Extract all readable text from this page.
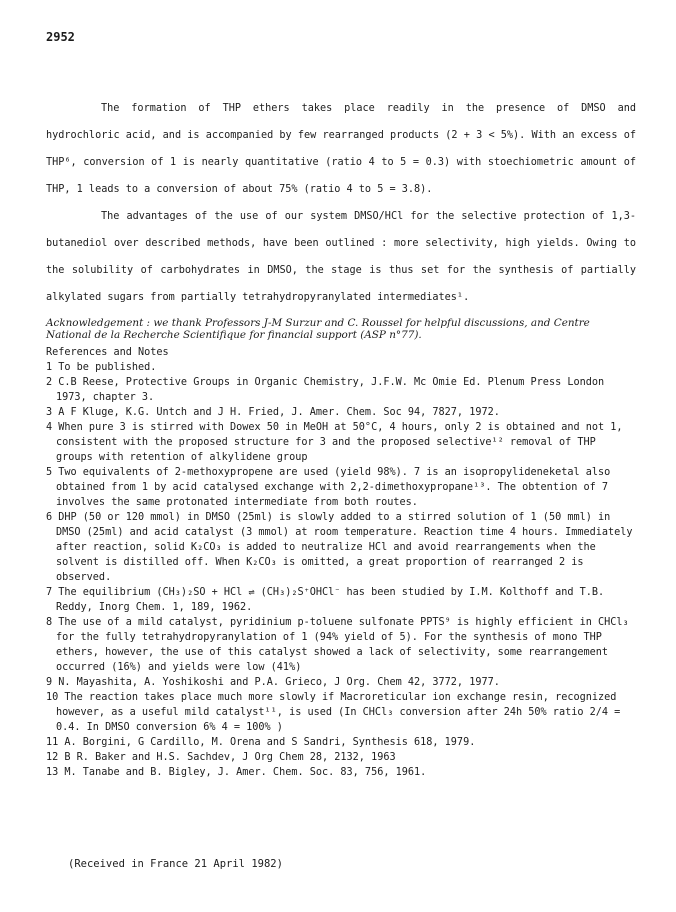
2952

The formation of THP ethers takes place readily in the presence of DMSO and hydrochloric acid, and is accompanied by few rearranged products (2 + 3 < 5%). With an excess of THP⁶, conversion of 1 is nearly quantitative (ratio 4 to 5 = 0.3) with stoechiometric amount of THP, 1 leads to a conversion of about 75% (ratio 4 to 5 = 3.8).

The advantages of the use of our system DMSO/HCl for the selective protection of 1,3-butanediol over described methods, have been outlined : more selectivity, high yields. Owing to the solubility of carbohydrates in DMSO, the stage is thus set for the synthesis of partially alkylated sugars from partially tetrahydropyranylated intermediates¹.

Acknowledgement : we thank Professors J-M Surzur and C. Roussel for helpful discussions, and Centre National de la Recherche Scientifique for financial support (ASP n°77).
References and Notes
1 To be published.
2 C.B Reese, Protective Groups in Organic Chemistry, J.F.W. Mc Omie Ed. Plenum Press London 1973, chapter 3.
3 A F Kluge, K.G. Untch and J H. Fried, J. Amer. Chem. Soc 94, 7827, 1972.
4 When pure 3 is stirred with Dowex 50 in MeOH at 50°C, 4 hours, only 2 is obtained and not 1, consistent with the proposed structure for 3 and the proposed selective¹² removal of THP groups with retention of alkylidene group
5 Two equivalents of 2-methoxypropene are used (yield 98%). 7 is an isopropylideneketal also obtained from 1 by acid catalysed exchange with 2,2-dimethoxypropane¹³. The obtention of 7 involves the same protonated intermediate from both routes.
6 DHP (50 or 120 mmol) in DMSO (25ml) is slowly added to a stirred solution of 1 (50 mml) in DMSO (25ml) and acid catalyst (3 mmol) at room temperature. Reaction time 4 hours. Immediately after reaction, solid K₂CO₃ is added to neutralize HCl and avoid rearrangements when the solvent is distilled off. When K₂CO₃ is omitted, a great proportion of rearranged 2 is observed.
7 The equilibrium (CH₃)₂SO + HCl ⇌ (CH₃)₂S⁺OHCl⁻ has been studied by I.M. Kolthoff and T.B. Reddy, Inorg Chem. 1, 189, 1962.
8 The use of a mild catalyst, pyridinium p-toluene sulfonate PPTS⁹ is highly efficient in CHCl₃ for the fully tetrahydropyranylation of 1 (94% yield of 5). For the synthesis of mono THP ethers, however, the use of this catalyst showed a lack of selectivity, some rearrangement occurred (16%) and yields were low (41%)
9 N. Mayashita, A. Yoshikoshi and P.A. Grieco, J Org. Chem 42, 3772, 1977.
10 The reaction takes place much more slowly if Macroreticular ion exchange resin, recognized however, as a useful mild catalyst¹¹, is used (In CHCl₃ conversion after 24h 50% ratio 2/4 = 0.4. In DMSO conversion 6% 4 = 100% )
11 A. Borgini, G Cardillo, M. Orena and S Sandri, Synthesis 618, 1979.
12 B R. Baker and H.S. Sachdev, J Org Chem 28, 2132, 1963
13 M. Tanabe and B. Bigley, J. Amer. Chem. Soc. 83, 756, 1961.
(Received in France 21 April 1982)
